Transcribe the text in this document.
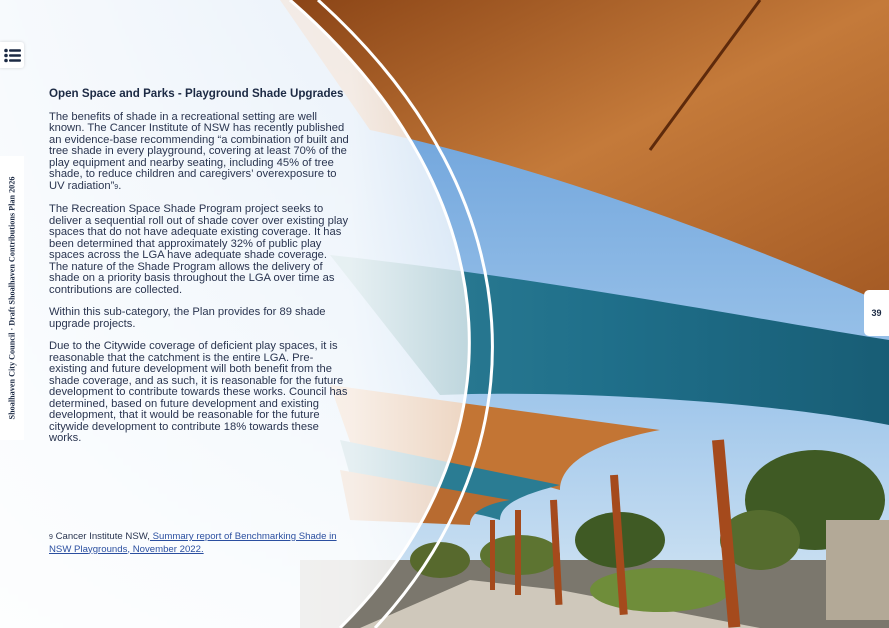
Shoalhaven City Council · Draft Shoalhaven Contributions Plan 2026	39
Open Space and Parks - Playground Shade Upgrades

The benefits of shade in a recreational setting are well known. The Cancer Institute of NSW has recently published an evidence-base recommending “a combination of built and tree shade in every playground, covering at least 70% of the play equipment and nearby seating, including 45% of tree shade, to reduce children and caregivers’ overexposure to UV radiation”9.

The Recreation Space Shade Program project seeks to deliver a sequential roll out of shade cover over existing play spaces that do not have adequate existing coverage. It has been determined that approximately 32% of public play spaces across the LGA have adequate shade coverage. The nature of the Shade Program allows the delivery of shade on a priority basis throughout the LGA over time as contributions are collected.

Within this sub-category, the Plan provides for 89 shade upgrade projects.

Due to the Citywide coverage of deficient play spaces, it is reasonable that the catchment is the entire LGA. Pre-existing and future development will both benefit from the shade coverage, and as such, it is reasonable for the future development to contribute towards these works. Council has determined, based on future development and existing development, that it would be reasonable for the future citywide development to contribute 18% towards these works.

9 Cancer Institute NSW, Summary report of Benchmarking Shade in NSW Playgrounds, November 2022.
